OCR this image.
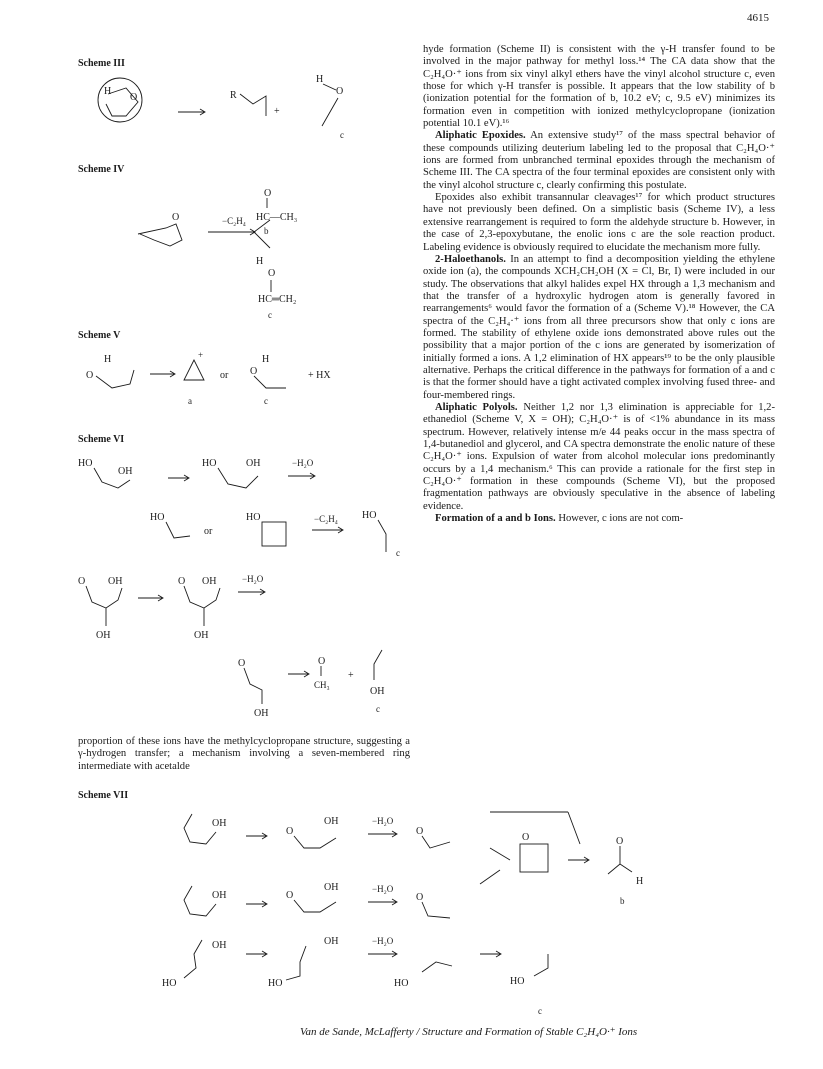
4615
Scheme III
H
O	R
+
H
O
c
Scheme IV
O	−C₂H₄
O
HC—CH₃
b
H
O
HC═CH₂
c
Scheme V
H
O
+
or
H
O	+ HX
a	c
Scheme VI
HO
OH
HO	OH	−H₂O
HO
or
HO	−C₂H₄ HO
c
O OH
OH
O OH
OH
−H₂O
O
OH
O
CH₃
+
OH
c
proportion of these ions have the methylcyclopropane structure, suggesting a γ-hydrogen transfer; a mechanism involving a seven-membered ring intermediate with acetalde

hyde formation (Scheme II) is consistent with the γ-H transfer found to be involved in the major pathway for methyl loss.¹⁴ The CA data show that the C₂H₄O·⁺ ions from six vinyl alkyl ethers have the vinyl alcohol structure c, even those for which γ-H transfer is possible. It appears that the low stability of b (ionization potential for the formation of b, 10.2 eV; c, 9.5 eV) minimizes its formation even in competition with ionized methylcyclopropane (ionization potential 10.1 eV).¹⁶

Aliphatic Epoxides. An extensive study¹⁷ of the mass spectral behavior of these compounds utilizing deuterium labeling led to the proposal that C₂H₄O·⁺ ions are formed from unbranched terminal epoxides through the mechanism of Scheme III. The CA spectra of the four terminal epoxides are consistent only with the vinyl alcohol structure c, clearly confirming this postulate.

Epoxides also exhibit transannular cleavages¹⁷ for which product structures have not previously been defined. On a simplistic basis (Scheme IV), a less extensive rearrangement is required to form the aldehyde structure b. However, in the case of 2,3-epoxybutane, the enolic ions c are the sole reaction product. Labeling evidence is obviously required to elucidate the mechanism more fully.

2-Haloethanols. In an attempt to find a decomposition yielding the ethylene oxide ion (a), the compounds XCH₂CH₂OH (X = Cl, Br, I) were included in our study. The observations that alkyl halides expel HX through a 1,3 mechanism and that the transfer of a hydroxylic hydrogen atom is generally favored in rearrangements⁶ would favor the formation of a (Scheme V).¹⁸ However, the CA spectra of the C₂H₄·⁺ ions from all three precursors show that only c ions are formed. The stability of ethylene oxide ions demonstrated above rules out the possibility that a major portion of the c ions are generated by isomerization of initially formed a ions. A 1,2 elimination of HX appears¹⁹ to be the only plausible alternative. Perhaps the critical difference in the pathways for formation of a and c is that the former should have a tight activated complex involving fused three- and four-membered rings.

Aliphatic Polyols. Neither 1,2 nor 1,3 elimination is appreciable for 1,2-ethanediol (Scheme V, X = OH); C₂H₄O·⁺ is of <1% abundance in its mass spectrum. However, relatively intense m/e 44 peaks occur in the mass spectra of 1,4-butanediol and glycerol, and CA spectra demonstrate the enolic nature of these C₂H₄O·⁺ ions. Expulsion of water from alcohol molecular ions predominantly occurs by a 1,4 mechanism.⁶ This can provide a rationale for the first step in C₂H₄O·⁺ formation in these compounds (Scheme VI), but the proposed fragmentation pathways are obviously speculative in the absence of labeling evidence.

Formation of a and b Ions. However, c ions are not com-

Scheme VII
OH
O
OH	−H₂O
O
OH	O
OH	−H₂O
O
O	O
H
b
OH
HO
OH
HO
−H₂O
HO	HO
c
Van de Sande, McLafferty / Structure and Formation of Stable C₂H₄O·⁺ Ions
